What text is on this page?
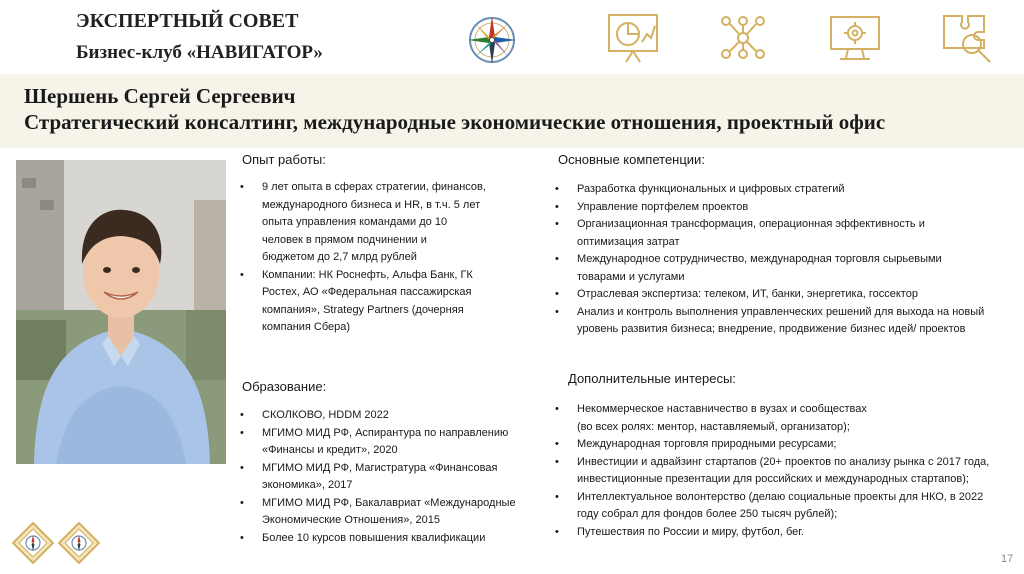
ЭКСПЕРТНЫЙ СОВЕТ
Бизнес-клуб «НАВИГАТОР»
Шершень Сергей Сергеевич
Стратегический консалтинг, международные экономические отношения, проектный офис
Опыт работы:
• 9 лет опыта в сферах стратегии, финансов,
международного бизнеса и HR, в т.ч. 5 лет
опыта управления командами до 10
человек в прямом подчинении и
бюджетом до 2,7 млрд рублей
• Компании: НК Роснефть, Альфа Банк, ГК
Ростех, АО «Федеральная пассажирская
компания», Strategy Partners (дочерняя
компания Сбера)
Образование:
• СКОЛКОВО, HDDM 2022
• МГИМО МИД РФ, Аспирантура по направлению
«Финансы и кредит», 2020
• МГИМО МИД РФ, Магистратура «Финансовая
экономика», 2017
• МГИМО МИД РФ, Бакалавриат «Международные
Экономические Отношения», 2015
• Более 10 курсов повышения квалификации
Основные компетенции:
• Разработка функциональных и цифровых стратегий
• Управление портфелем проектов
• Организационная трансформация, операционная эффективность и
оптимизация затрат
• Международное сотрудничество, международная торговля сырьевыми
товарами и услугами
• Отраслевая экспертиза: телеком, ИТ, банки, энергетика, госсектор
• Анализ и контроль выполнения управленческих решений для выхода на новый
уровень развития бизнеса; внедрение, продвижение бизнес идей/ проектов
Дополнительные интересы:
• Некоммерческое наставничество в вузах и сообществах
(во всех ролях: ментор, наставляемый, организатор);
• Международная торговля природными ресурсами;
• Инвестиции и адвайзинг стартапов (20+ проектов по анализу рынка с 2017 года,
инвестиционные презентации для российских и международных стартапов);
• Интеллектуальное волонтерство (делаю социальные проекты для НКО, в 2022
году собрал для фондов более 250 тысяч рублей);
• Путешествия по России и миру, футбол, бег.
17
